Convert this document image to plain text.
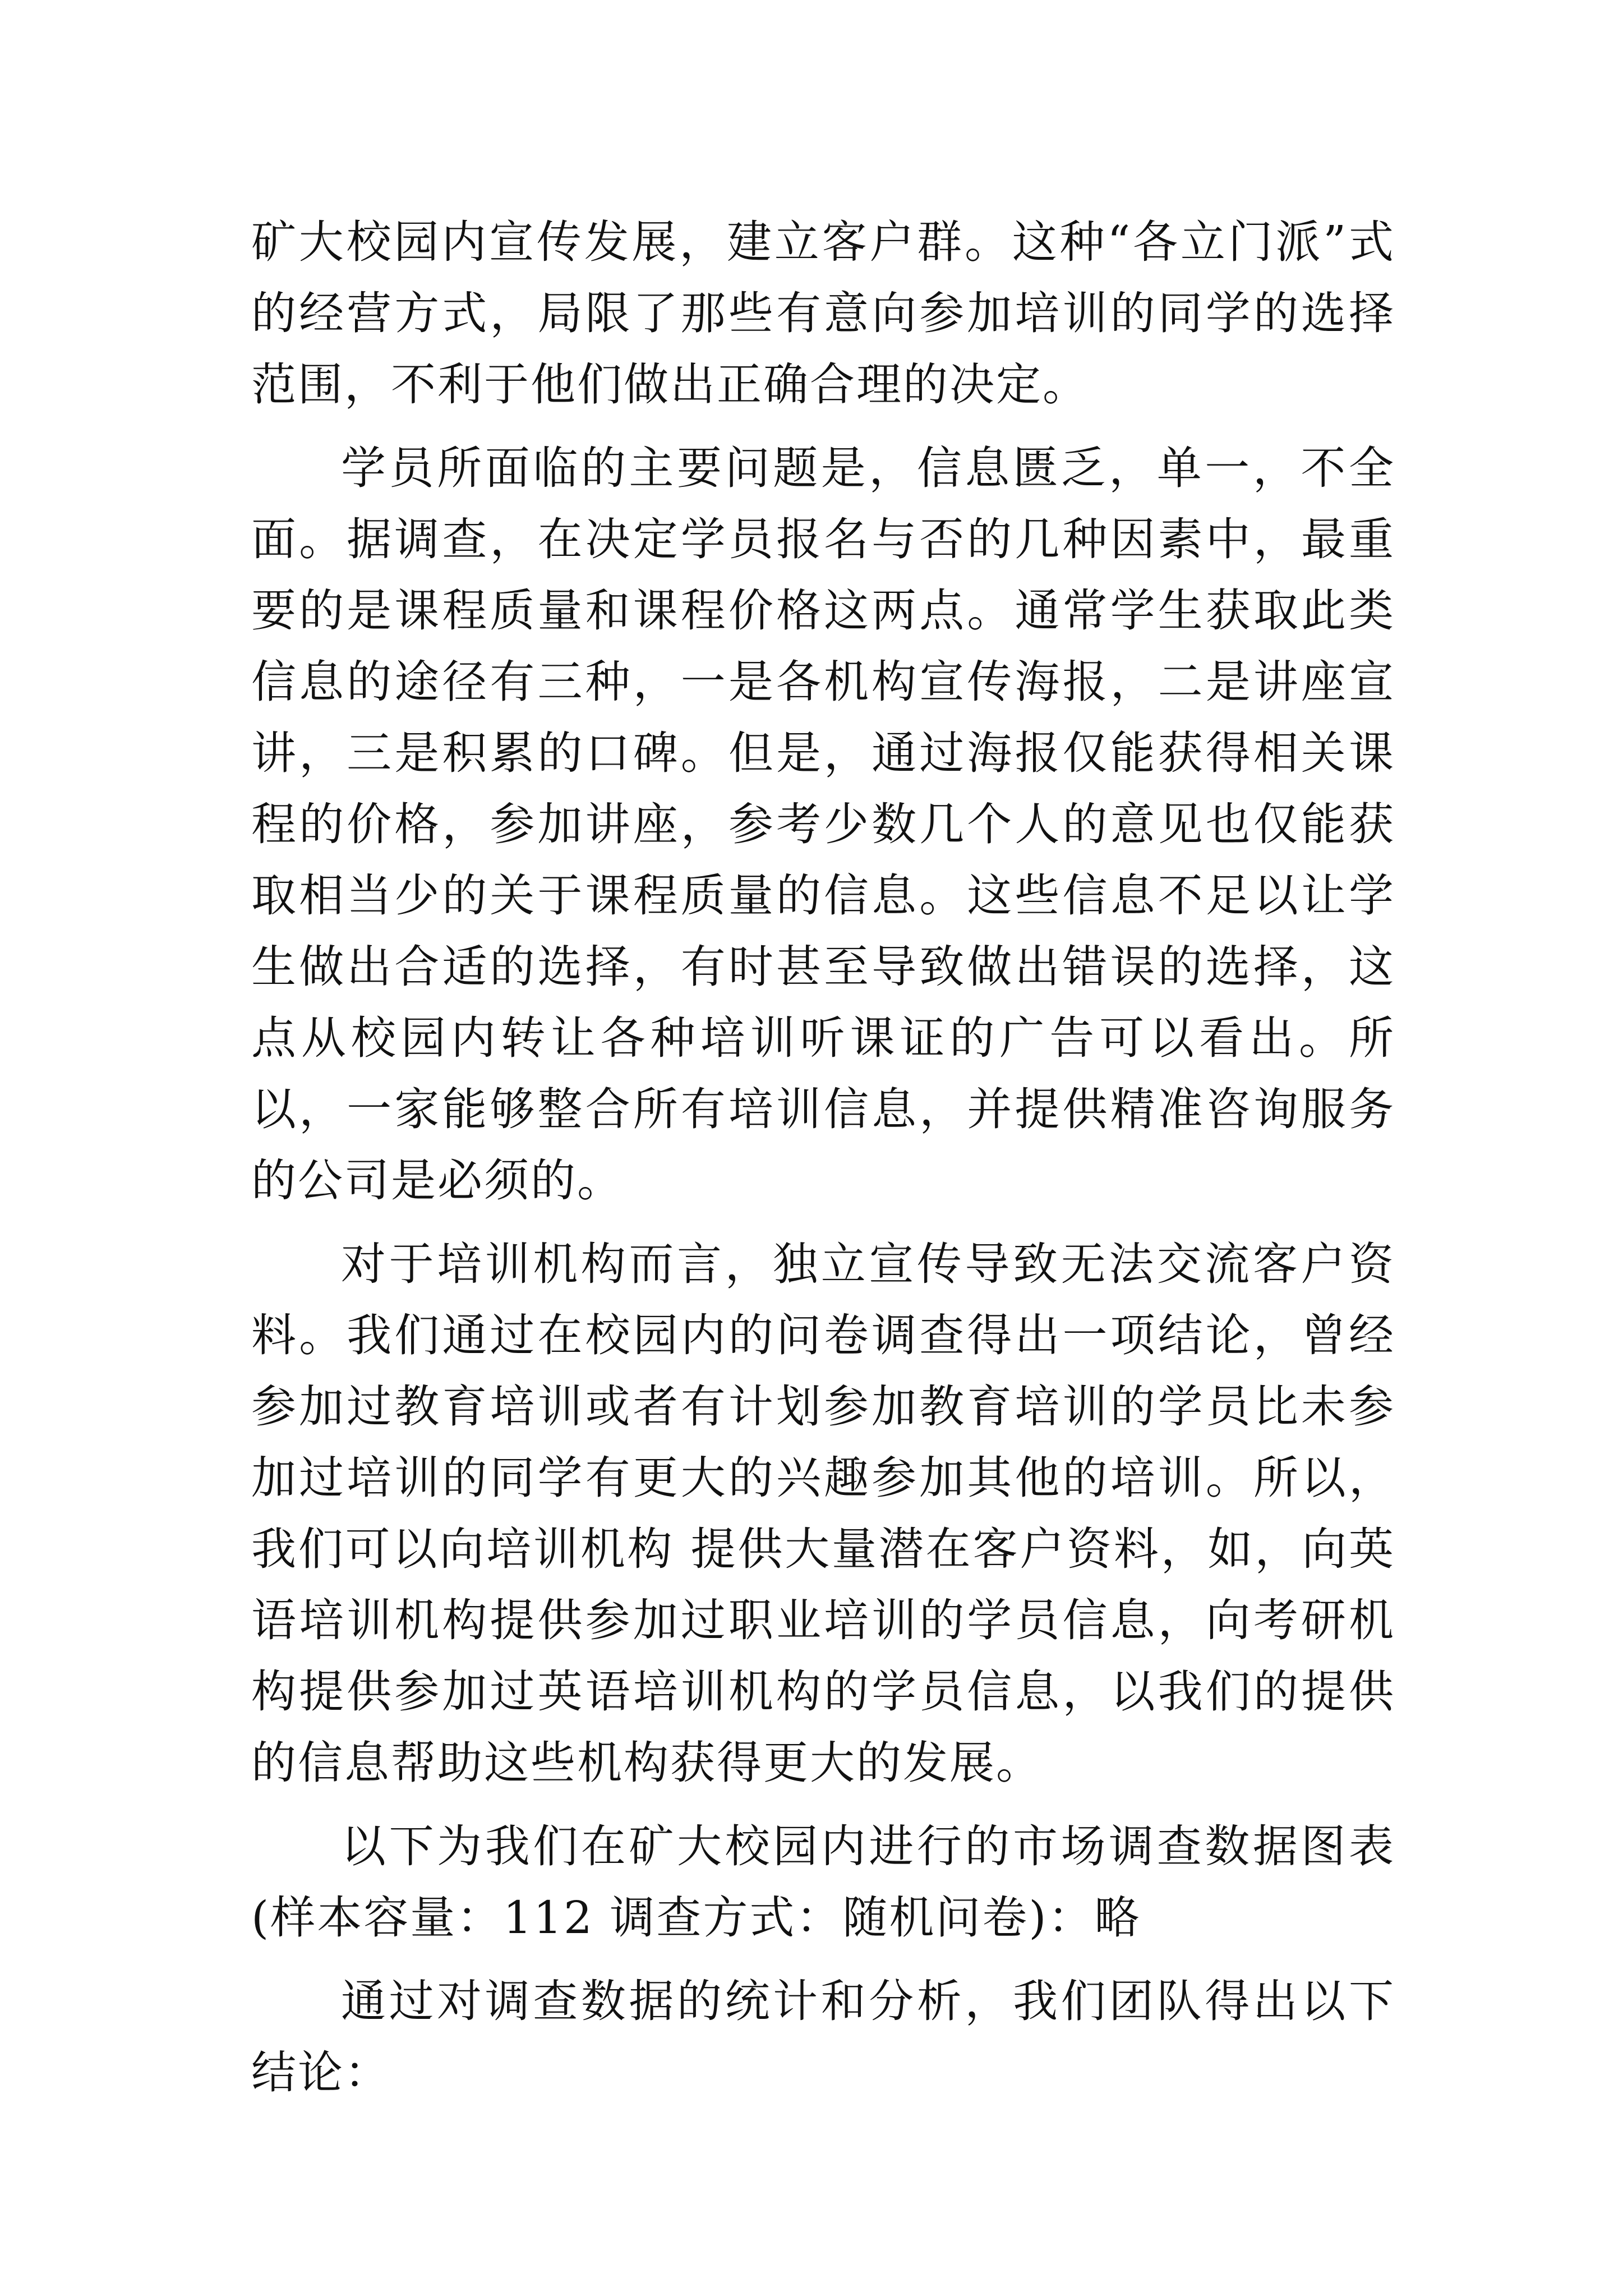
矿大校园内宣传发展，建立客户群。这种“各立门派”式的经营方式，局限了那些有意向参加培训的同学的选择范围，不利于他们做出正确合理的决定。

学员所面临的主要问题是，信息匮乏，单一，不全面。据调查，在决定学员报名与否的几种因素中，最重要的是课程质量和课程价格这两点。通常学生获取此类信息的途径有三种，一是各机构宣传海报，二是讲座宣讲，三是积累的口碑。但是，通过海报仅能获得相关课程的价格，参加讲座，参考少数几个人的意见也仅能获取相当少的关于课程质量的信息。这些信息不足以让学生做出合适的选择，有时甚至导致做出错误的选择，这点从校园内转让各种培训听课证的广告可以看出。所以，一家能够整合所有培训信息，并提供精准咨询服务的公司是必须的。

对于培训机构而言，独立宣传导致无法交流客户资料。我们通过在校园内的问卷调查得出一项结论，曾经参加过教育培训或者有计划参加教育培训的学员比未参加过培训的同学有更大的兴趣参加其他的培训。所以，我们可以向培训机构 提供大量潜在客户资料，如，向英语培训机构提供参加过职业培训的学员信息，向考研机构提供参加过英语培训机构的学员信息，以我们的提供的信息帮助这些机构获得更大的发展。

以下为我们在矿大校园内进行的市场调查数据图表(样本容量：112 调查方式：随机问卷)：略

通过对调查数据的统计和分析，我们团队得出以下结论：
